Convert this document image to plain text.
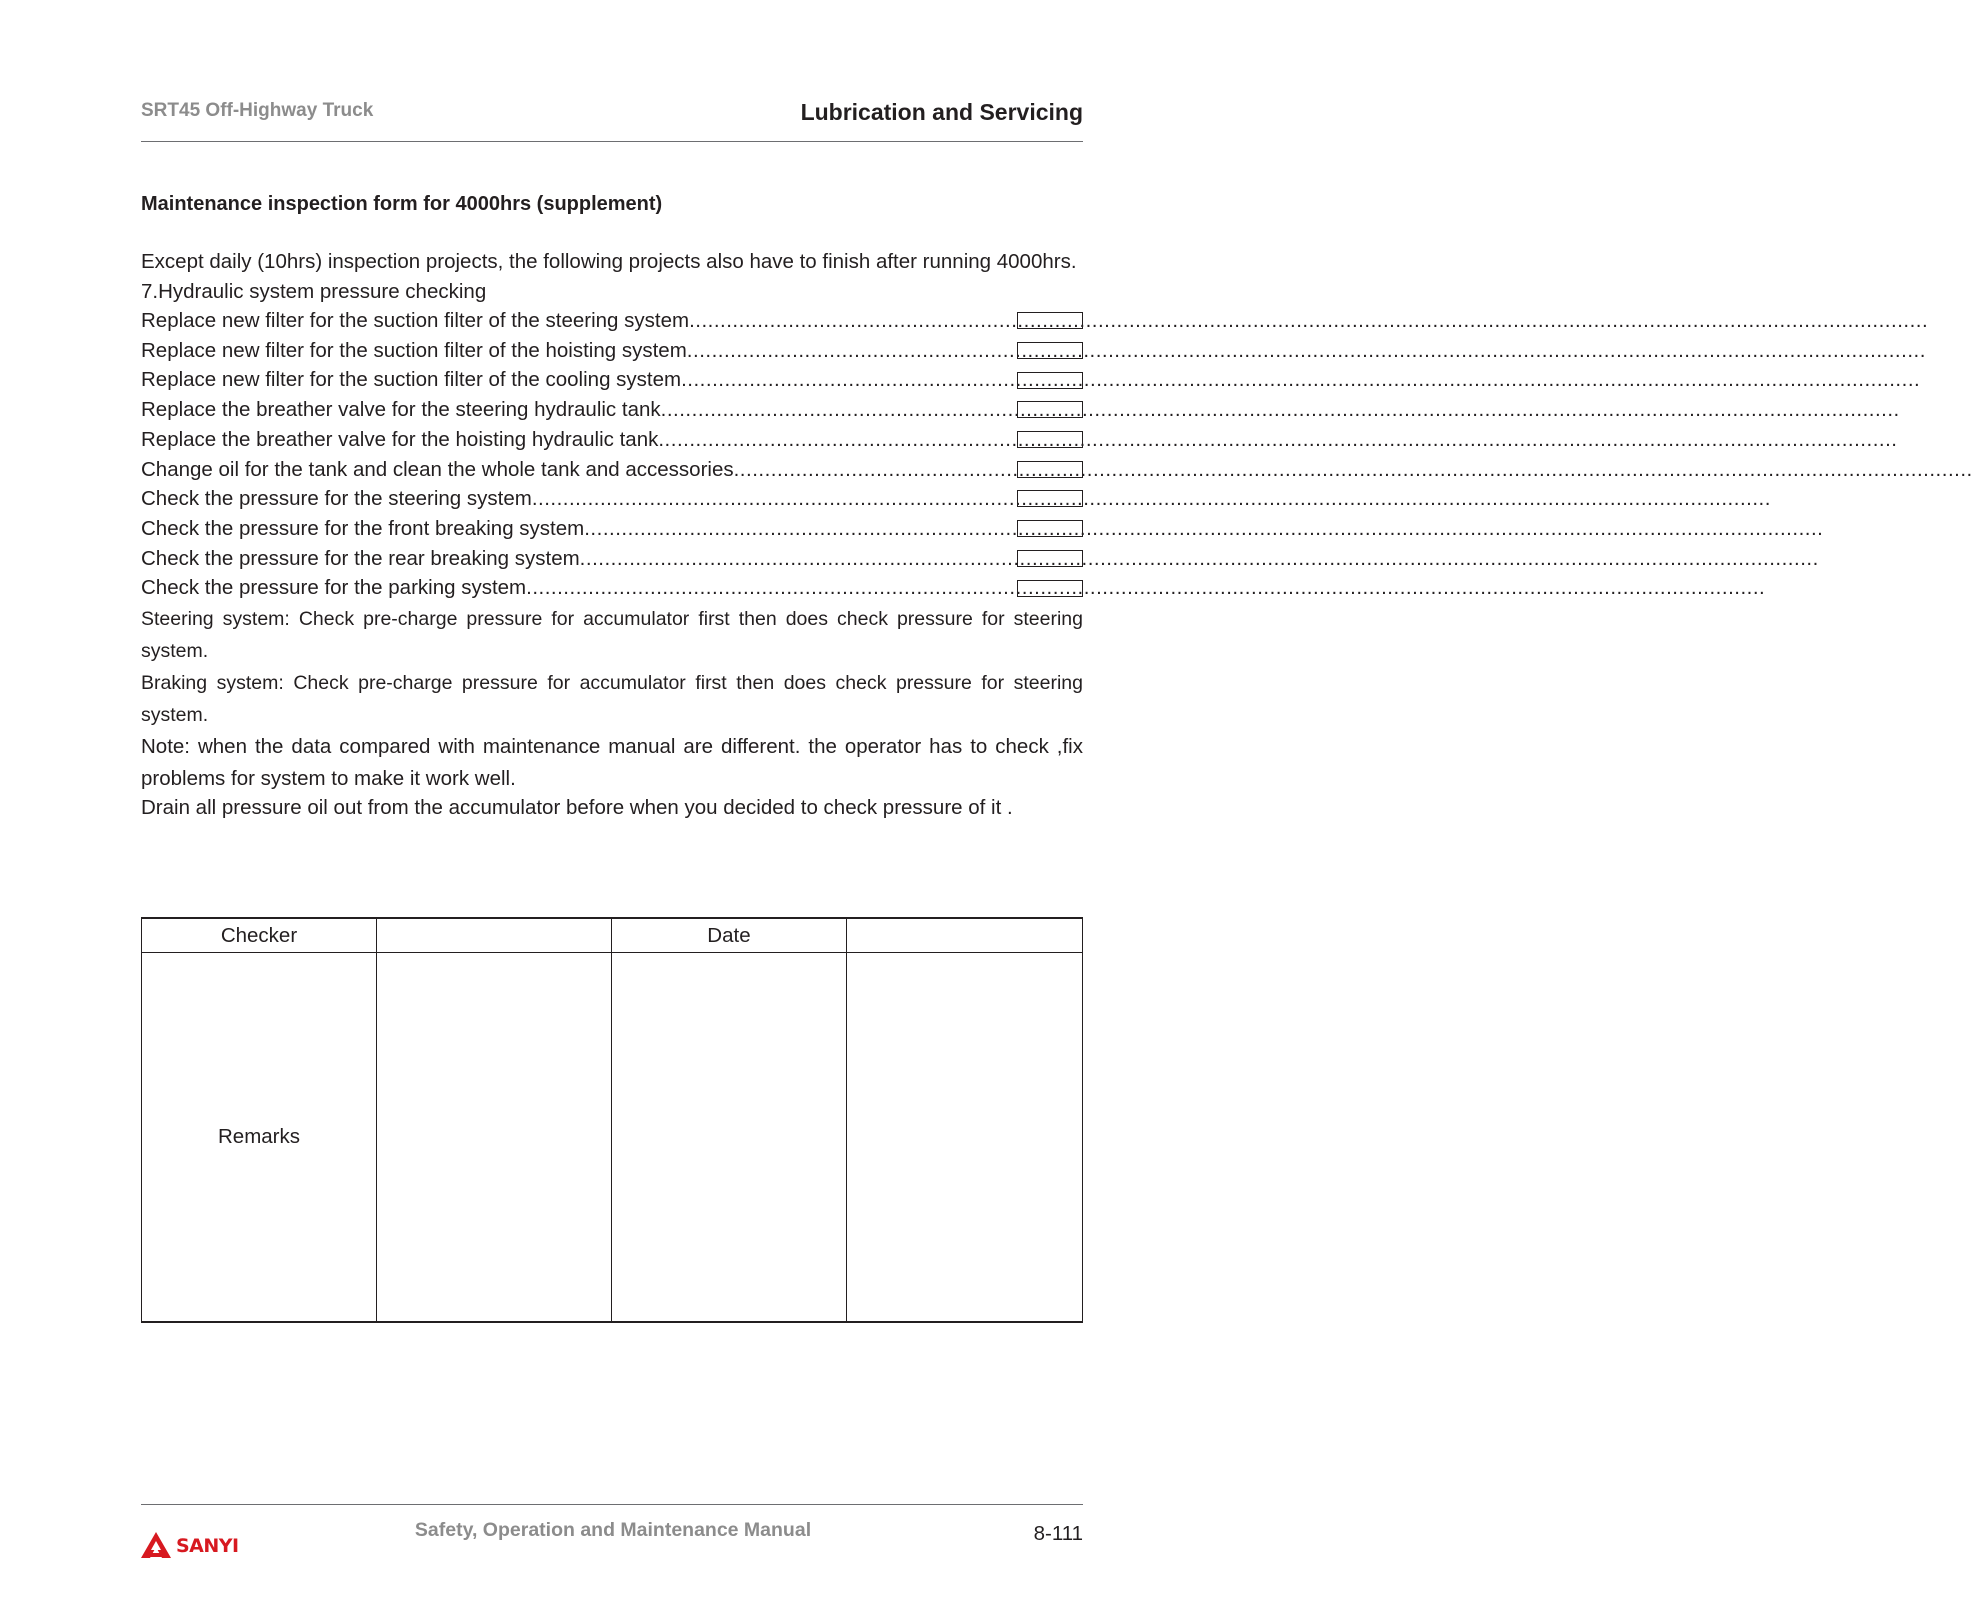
SRT45 Off-Highway Truck	Lubrication and Servicing
Maintenance inspection form for 4000hrs (supplement)
Except daily (10hrs) inspection projects, the following projects also have to finish after running 4000hrs.
7.Hydraulic system pressure checking
Replace new filter for the suction filter of the steering system ........................................................................................................................................................................................................
Replace new filter for the suction filter of the hoisting system ........................................................................................................................................................................................................
Replace new filter for the suction filter of the cooling system ........................................................................................................................................................................................................
Replace the breather valve for the steering hydraulic tank ........................................................................................................................................................................................................
Replace the breather valve for the hoisting hydraulic tank ........................................................................................................................................................................................................
Change oil for the tank and clean the whole tank and accessories ........................................................................................................................................................................................................
Check the pressure for the steering system ........................................................................................................................................................................................................
Check the pressure for the front breaking system ........................................................................................................................................................................................................
Check the pressure for the rear breaking system ........................................................................................................................................................................................................
Check the pressure for the parking system ........................................................................................................................................................................................................
Steering system: Check pre-charge pressure for accumulator first then does check pressure for steering system.
Braking system: Check pre-charge pressure for accumulator first then does check pressure for steering system.
Note: when the data compared with maintenance manual are different. the operator has to check ,fix problems for system to make it work well.
Drain all pressure oil out from the accumulator before when you decided to check pressure of it .
Checker		Date	
Remarks			
Safety, Operation and Maintenance Manual	8-111
SANYI
